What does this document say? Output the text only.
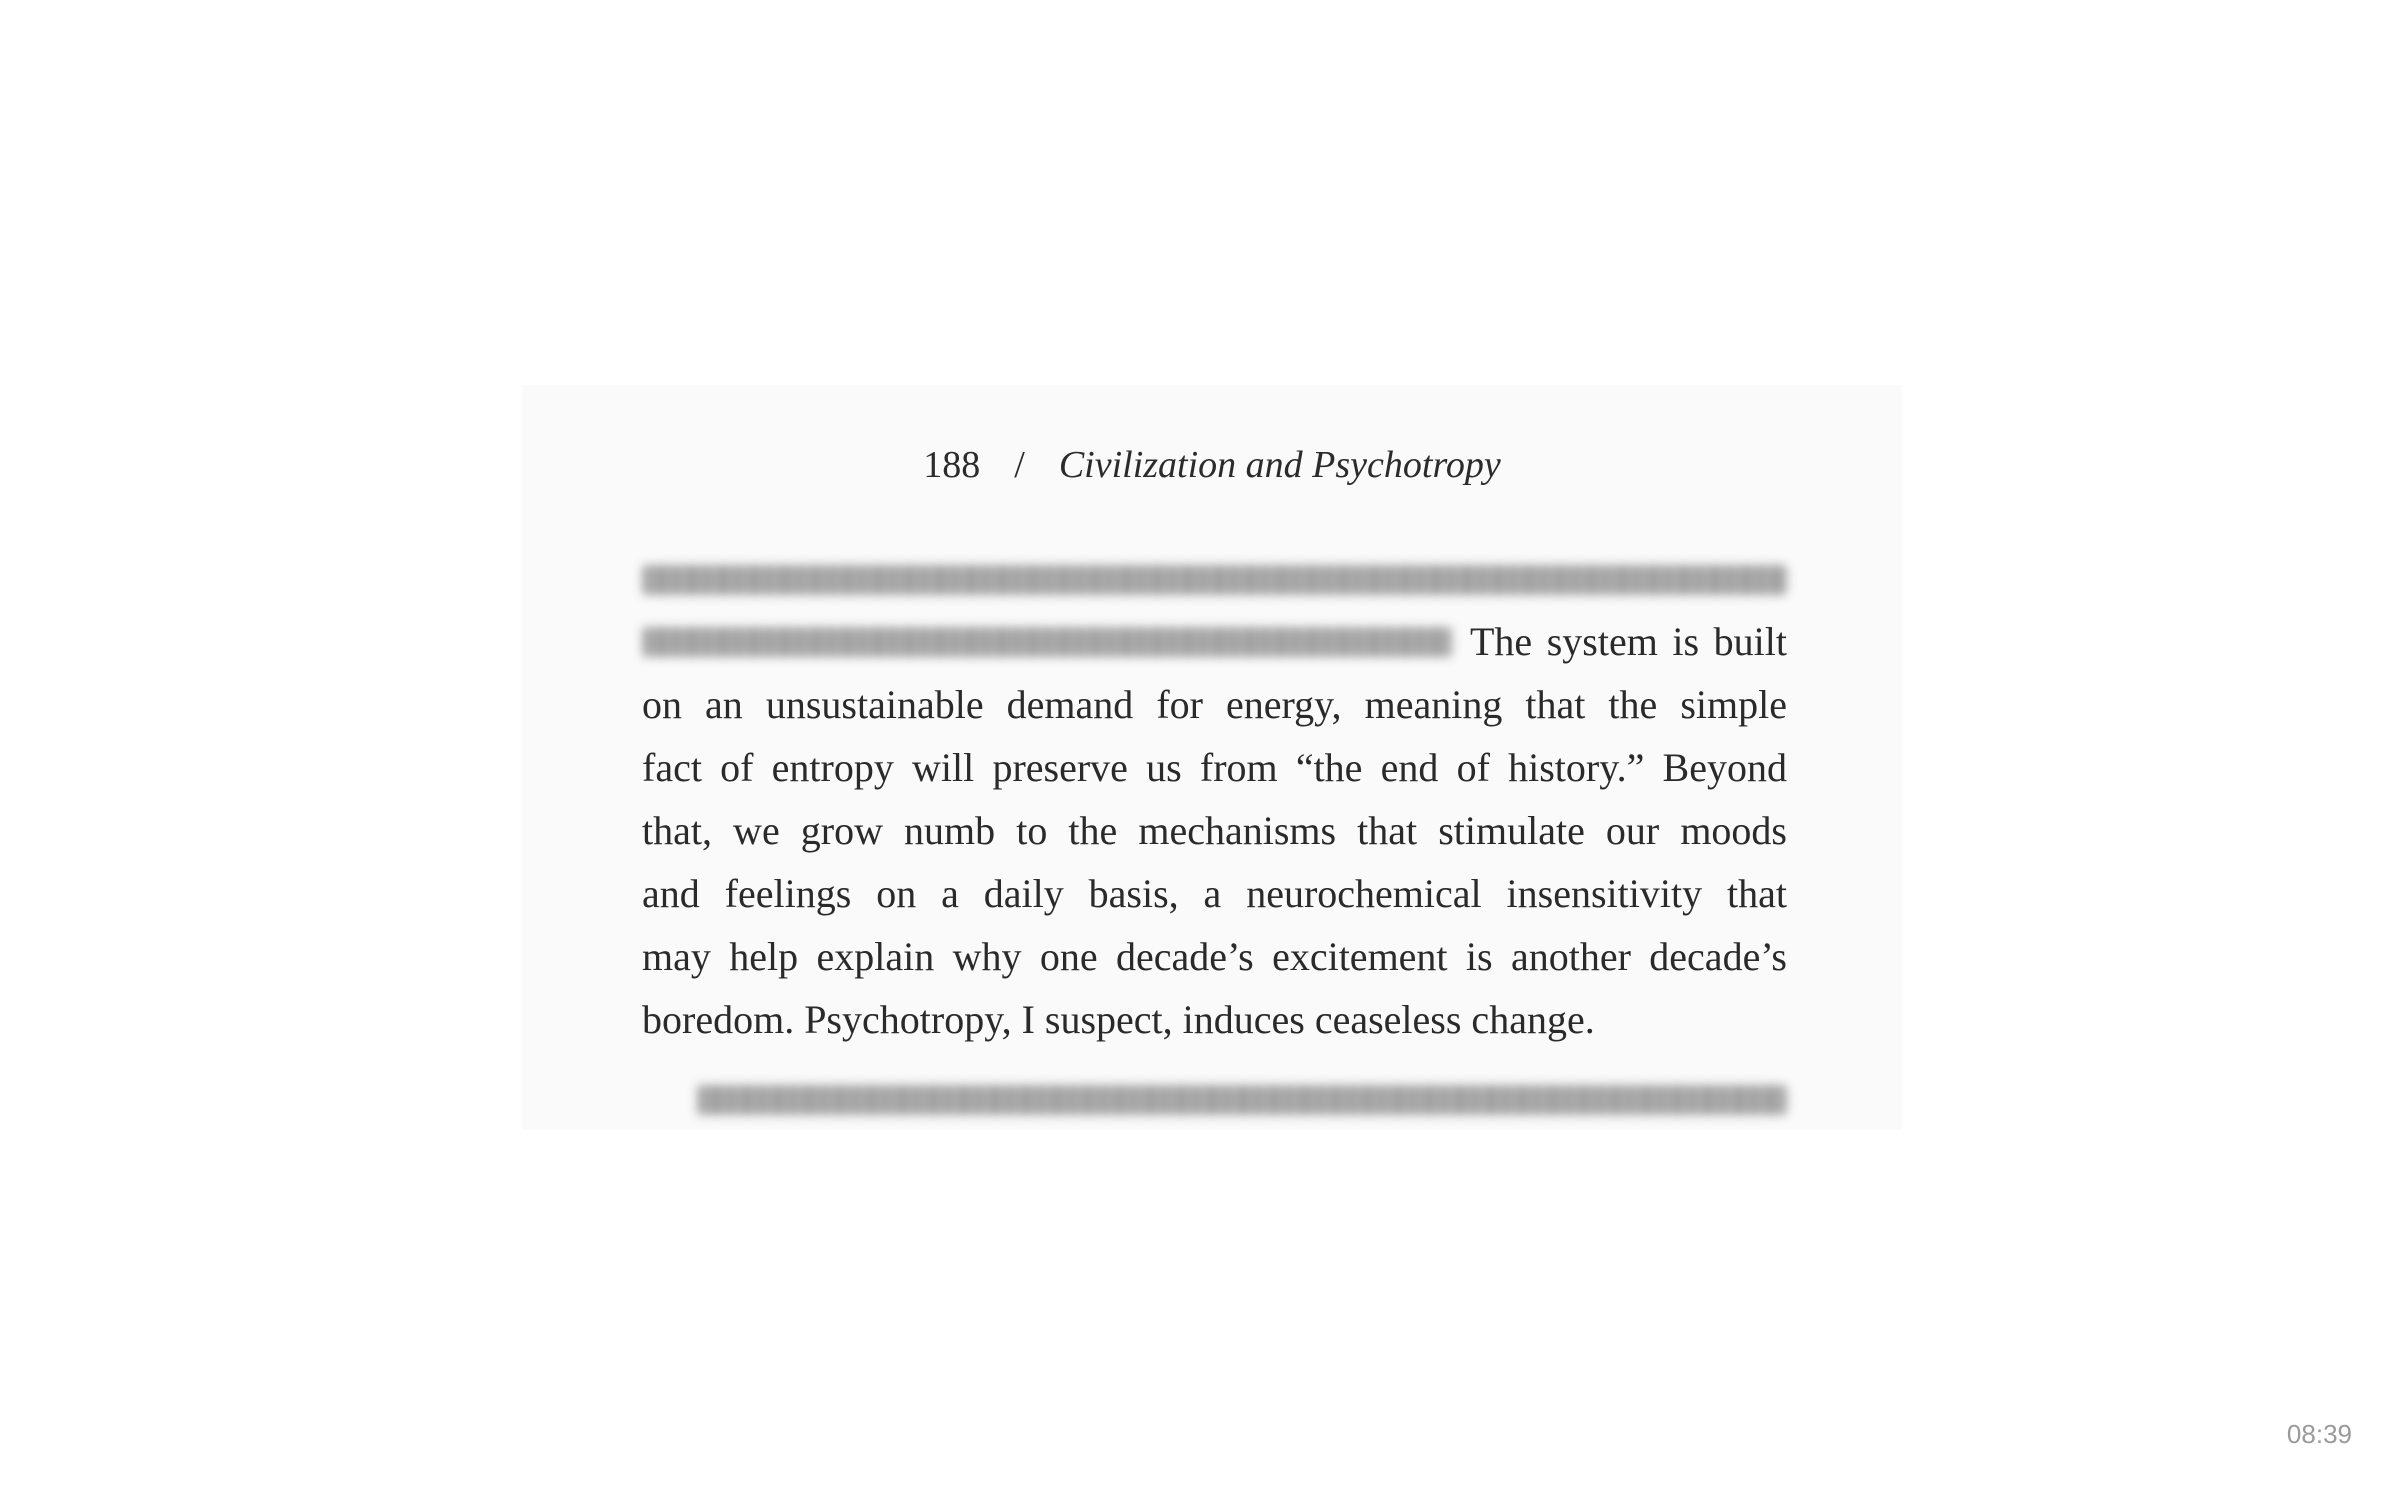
188 / Civilization and Psychotropy
The system is built
on an unsustainable demand for energy, meaning that the simple
fact of entropy will preserve us from “the end of history.” Beyond
that, we grow numb to the mechanisms that stimulate our moods
and feelings on a daily basis, a neurochemical insensitivity that
may help explain why one decade’s excitement is another decade’s
boredom. Psychotropy, I suspect, induces ceaseless change.
08:39
